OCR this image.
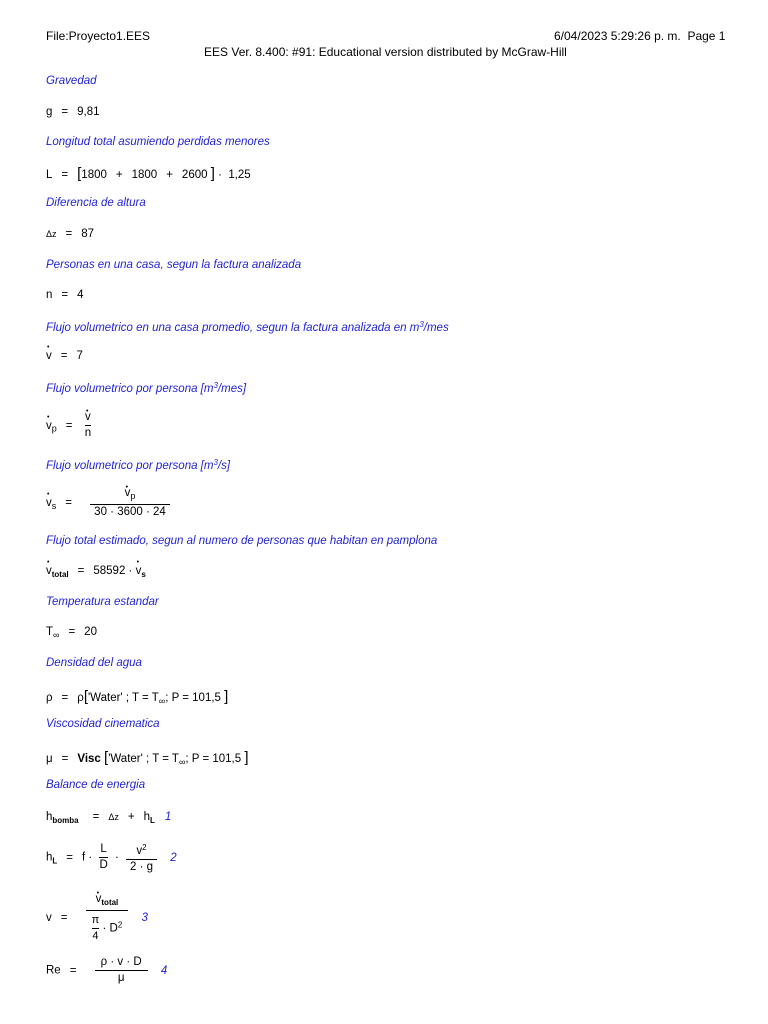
File:Proyecto1.EES	6/04/2023 5:29:26 p. m. Page 1
EES Ver. 8.400: #91: Educational version distributed by McGraw-Hill
Gravedad
g = 9,81
Longitud total asumiendo perdidas menores
L = [1800 + 1800 + 2600 ] ·  1,25
Diferencia de altura
Δz = 87
Personas en una casa, segun la factura analizada
n = 4
Flujo volumetrico en una casa promedio, segun la factura analizada en $m^3$/mes
• v = 7
Flujo volumetrico por persona $[m^3/mes]$
• $v_p$ = • $\frac{v}{n}$
Flujo volumetrico por persona $[m^3/s]$
• $v_s$ = • $\frac{v_p}{30 \cdot 3600 \cdot 24}$
Flujo total estimado, segun al numero de personas que habitan en pamplona
• $v_{total} = 58592$ · • $v_s$
Temperatura estandar
$T_\infty = 20$
Densidad del agua
ρ = ρ['Water' ; $T = T_\infty$; P = 101,5 ]
Viscosidad cinematica
μ = Visc ['Water' ; $T = T_\infty$; P = 101,5 ]
Balance de energia
$h_{bomba} = \Delta z + h_L$ 1
$h_L = f \cdot \frac{L}{D} \cdot \frac{v^2}{2 \cdot g} 2$
v = • $\frac{v_{total}}{\frac{\pi}{4} \cdot D^2} 3$
$Re = \frac{\rho \cdot v \cdot D}{\mu} 4$
